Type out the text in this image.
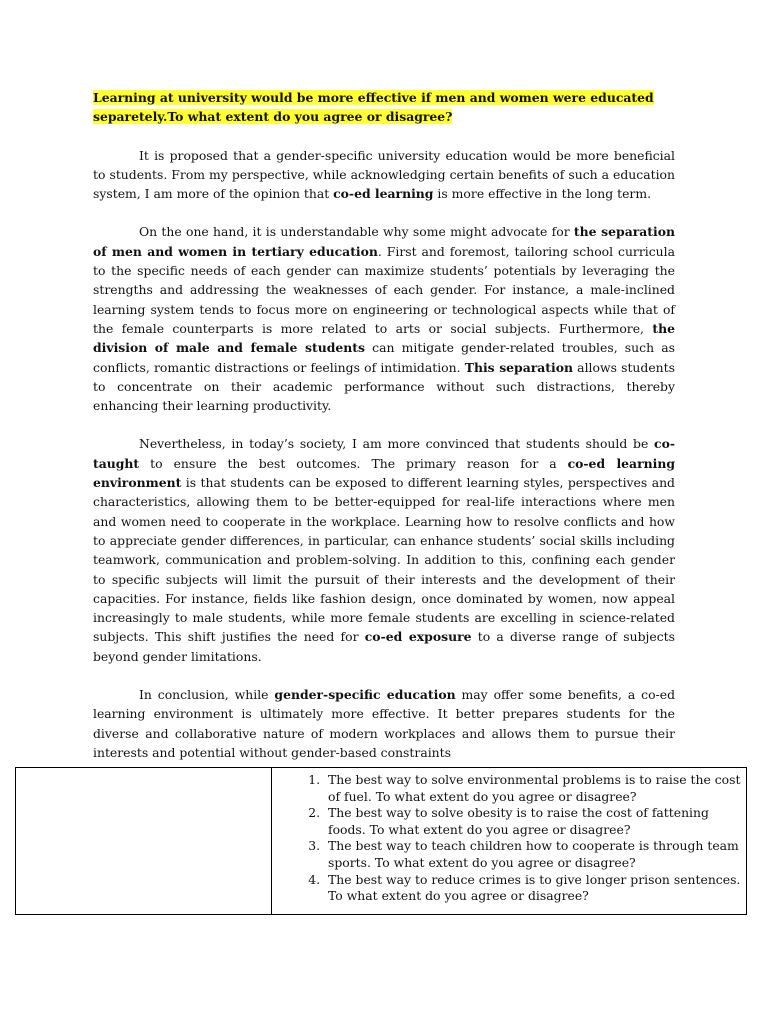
Learning at university would be more effective if men and women were educated
separetely.To what extent do you agree or disagree?

It is proposed that a gender-specific university education would be more beneficial to students. From my perspective, while acknowledging certain benefits of such a education system, I am more of the opinion that co-ed learning is more effective in the long term.

On the one hand, it is understandable why some might advocate for the separation of men and women in tertiary education. First and foremost, tailoring school curricula to the specific needs of each gender can maximize students’ potentials by leveraging the strengths and addressing the weaknesses of each gender. For instance, a male-inclined learning system tends to focus more on engineering or technological aspects while that of the female counterparts is more related to arts or social subjects. Furthermore, the division of male and female students can mitigate gender-related troubles, such as conflicts, romantic distractions or feelings of intimidation. This separation allows students to concentrate on their academic performance without such distractions, thereby enhancing their learning productivity.

Nevertheless, in today’s society, I am more convinced that students should be co-taught to ensure the best outcomes. The primary reason for a co-ed learning environment is that students can be exposed to different learning styles, perspectives and characteristics, allowing them to be better-equipped for real-life interactions where men and women need to cooperate in the workplace. Learning how to resolve conflicts and how to appreciate gender differences, in particular, can enhance students’ social skills including teamwork, communication and problem-solving. In addition to this, confining each gender to specific subjects will limit the pursuit of their interests and the development of their capacities. For instance, fields like fashion design, once dominated by women, now appeal increasingly to male students, while more female students are excelling in science-related subjects. This shift justifies the need for co-ed exposure to a diverse range of subjects beyond gender limitations.

In conclusion, while gender-specific education may offer some benefits, a co-ed learning environment is ultimately more effective. It better prepares students for the diverse and collaborative nature of modern workplaces and allows them to pursue their interests and potential without gender-based constraints

1. The best way to solve environmental problems is to raise the cost of fuel. To what extent do you agree or disagree?
2. The best way to solve obesity is to raise the cost of fattening foods. To what extent do you agree or disagree?
3. The best way to teach children how to cooperate is through team sports. To what extent do you agree or disagree?
4. The best way to reduce crimes is to give longer prison sentences. To what extent do you agree or disagree?
